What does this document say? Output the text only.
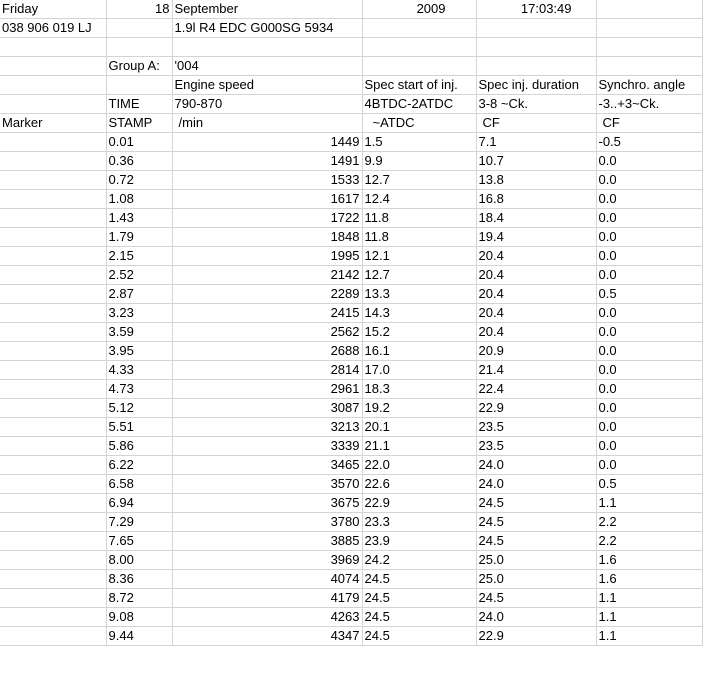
Friday	18	September	2009	17:03:49	
038 906 019 LJ		1.9l R4 EDC G000SG 5934			

	Group A:	'004			
		Engine speed	Spec start of inj.	Spec inj. duration	Synchro. angle
	TIME	790-870	4BTDC-2ATDC	3-8 ~Ck.	-3..+3~Ck.
Marker	STAMP	/min	~ATDC	CF	CF
	0.01	1449	1.5	7.1	-0.5
	0.36	1491	9.9	10.7	0.0
	0.72	1533	12.7	13.8	0.0
	1.08	1617	12.4	16.8	0.0
	1.43	1722	11.8	18.4	0.0
	1.79	1848	11.8	19.4	0.0
	2.15	1995	12.1	20.4	0.0
	2.52	2142	12.7	20.4	0.0
	2.87	2289	13.3	20.4	0.5
	3.23	2415	14.3	20.4	0.0
	3.59	2562	15.2	20.4	0.0
	3.95	2688	16.1	20.9	0.0
	4.33	2814	17.0	21.4	0.0
	4.73	2961	18.3	22.4	0.0
	5.12	3087	19.2	22.9	0.0
	5.51	3213	20.1	23.5	0.0
	5.86	3339	21.1	23.5	0.0
	6.22	3465	22.0	24.0	0.0
	6.58	3570	22.6	24.0	0.5
	6.94	3675	22.9	24.5	1.1
	7.29	3780	23.3	24.5	2.2
	7.65	3885	23.9	24.5	2.2
	8.00	3969	24.2	25.0	1.6
	8.36	4074	24.5	25.0	1.6
	8.72	4179	24.5	24.5	1.1
	9.08	4263	24.5	24.0	1.1
	9.44	4347	24.5	22.9	1.1
